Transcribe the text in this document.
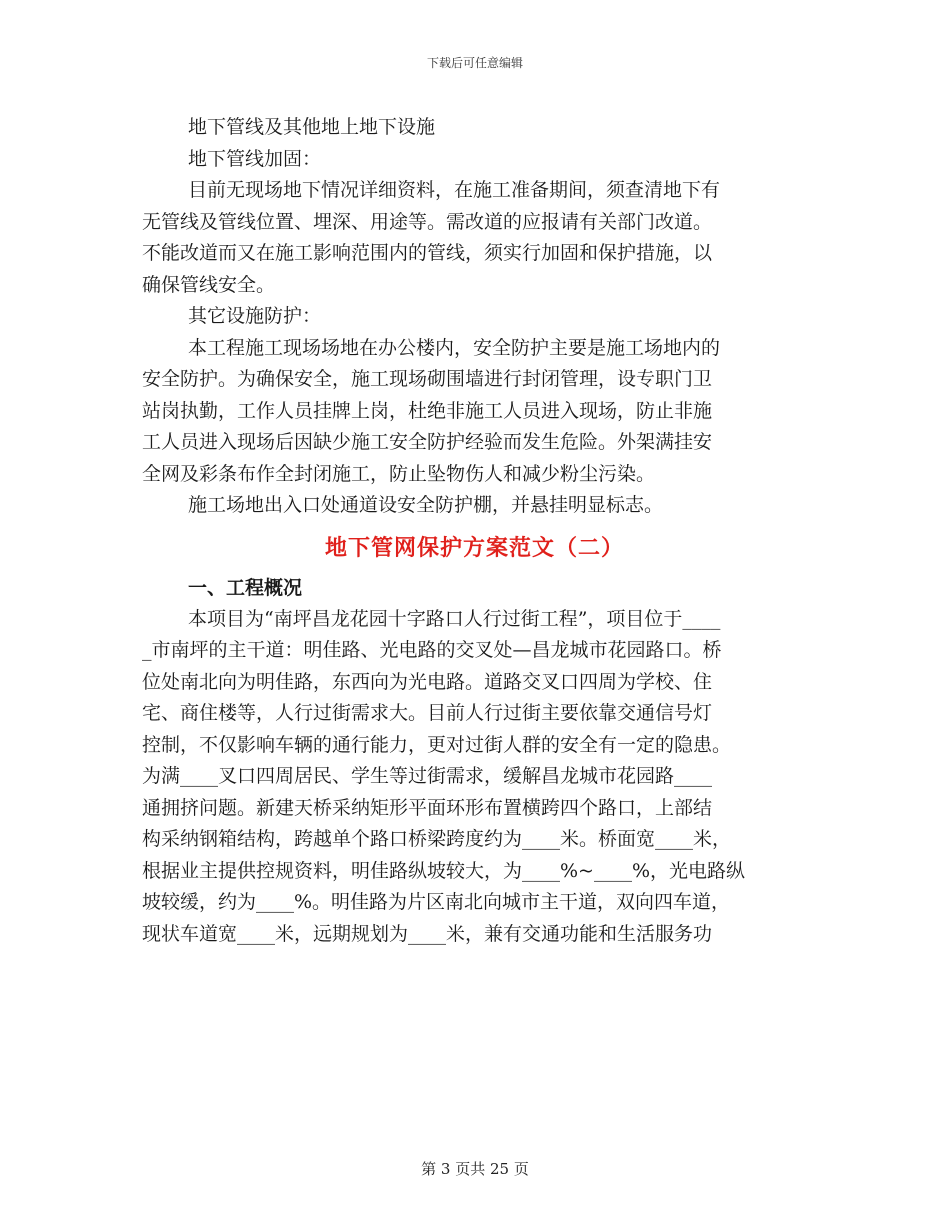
下载后可任意编辑

地下管线及其他地上地下设施

地下管线加固：

目前无现场地下情况详细资料，在施工准备期间，须查清地下有
无管线及管线位置、埋深、用途等。需改道的应报请有关部门改道。
不能改道而又在施工影响范围内的管线，须实行加固和保护措施，以
确保管线安全。

其它设施防护：

本工程施工现场场地在办公楼内，安全防护主要是施工场地内的
安全防护。为确保安全，施工现场砌围墙进行封闭管理，设专职门卫
站岗执勤，工作人员挂牌上岗，杜绝非施工人员进入现场，防止非施
工人员进入现场后因缺少施工安全防护经验而发生危险。外架满挂安
全网及彩条布作全封闭施工，防止坠物伤人和减少粉尘污染。

施工场地出入口处通道设安全防护棚，并悬挂明显标志。

地下管网保护方案范文（二）
一、工程概况

本项目为“南坪昌龙花园十字路口人行过街工程”，项目位于____
_市南坪的主干道：明佳路、光电路的交叉处—昌龙城市花园路口。桥
位处南北向为明佳路，东西向为光电路。道路交叉口四周为学校、住
宅、商住楼等，人行过街需求大。目前人行过街主要依靠交通信号灯
控制，不仅影响车辆的通行能力，更对过街人群的安全有一定的隐患。
为满____叉口四周居民、学生等过街需求，缓解昌龙城市花园路____
通拥挤问题。新建天桥采纳矩形平面环形布置横跨四个路口，上部结
构采纳钢箱结构，跨越单个路口桥梁跨度约为____米。桥面宽____米，
根据业主提供控规资料，明佳路纵坡较大，为____%~____%，光电路纵
坡较缓，约为____%。明佳路为片区南北向城市主干道，双向四车道，
现状车道宽____米，远期规划为____米，兼有交通功能和生活服务功

第 3 页共 25 页
